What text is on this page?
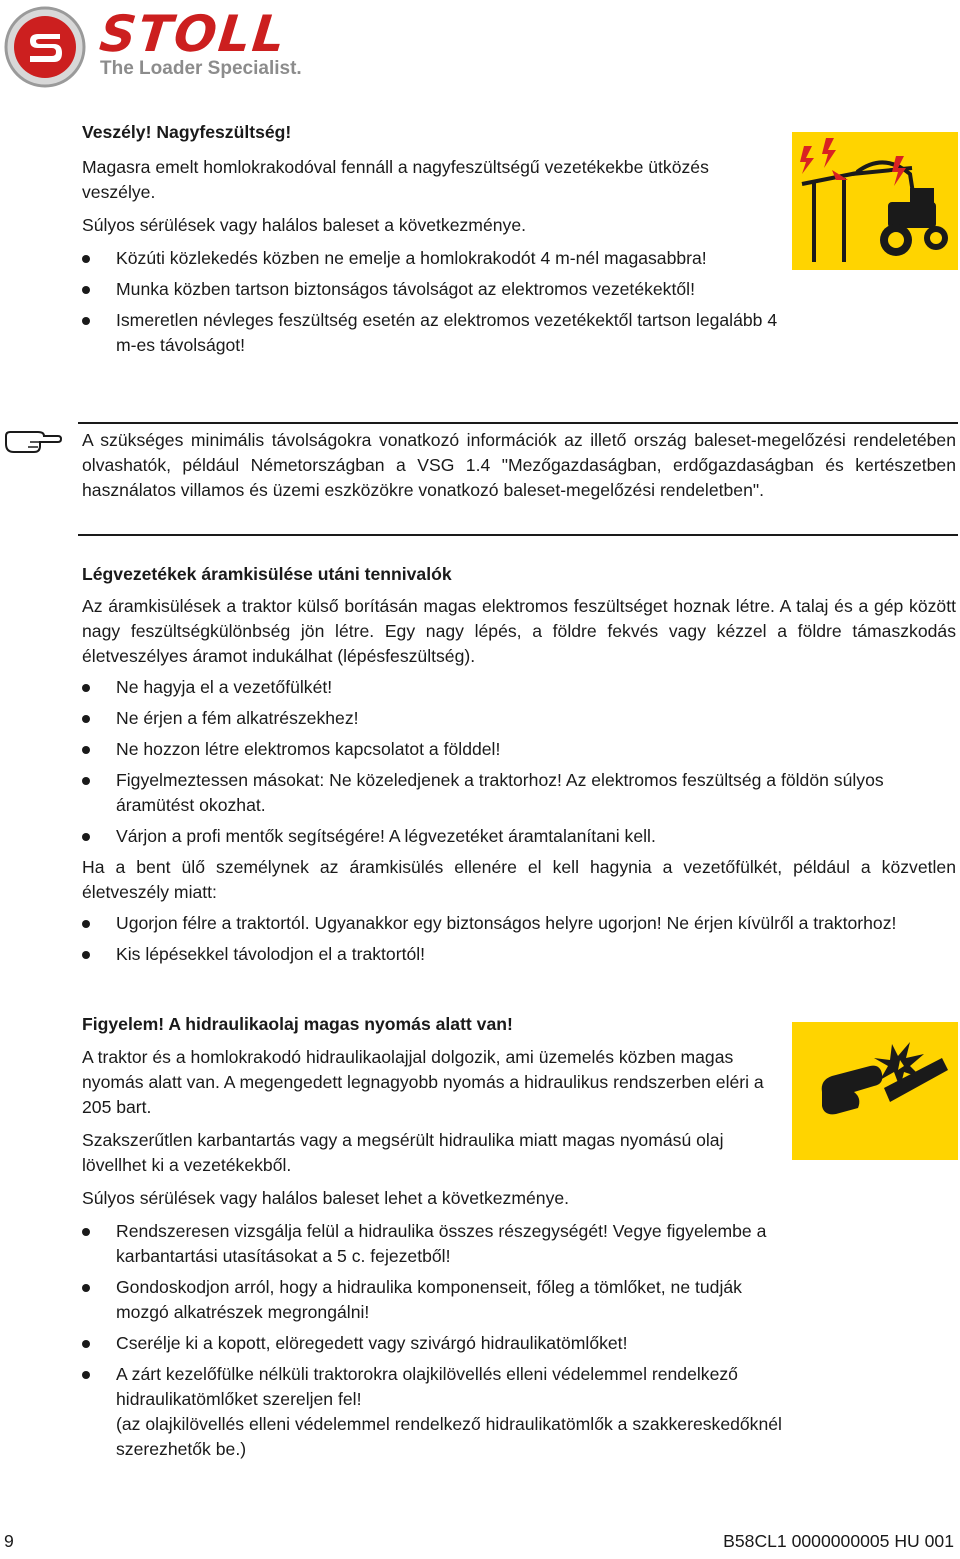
STOLL
The Loader Specialist.

Veszély! Nagyfeszültség!

Magasra emelt homlokrakodóval fennáll a nagyfeszültségű vezetékekbe ütközés veszélye.

Súlyos sérülések vagy halálos baleset a következménye.

Közúti közlekedés közben ne emelje a homlokrakodót 4 m-nél magasabbra!
Munka közben tartson biztonságos távolságot az elektromos vezetékektől!
Ismeretlen névleges feszültség esetén az elektromos vezetékektől tartson legalább 4 m-es távolságot!

A szükséges minimális távolságokra vonatkozó információk az illető ország baleset-megelőzési rendeletében olvashatók, például Németországban a VSG 1.4 "Mezőgazdaságban, erdőgazdaságban és kertészetben használatos villamos és üzemi eszközökre vonatkozó baleset-megelőzési rendeletben".

Légvezetékek áramkisülése utáni tennivalók

Az áramkisülések a traktor külső borításán magas elektromos feszültséget hoznak létre. A talaj és a gép között nagy feszültségkülönbség jön létre. Egy nagy lépés, a földre fekvés vagy kézzel a földre támaszkodás életveszélyes áramot indukálhat (lépésfeszültség).

Ne hagyja el a vezetőfülkét!
Ne érjen a fém alkatrészekhez!
Ne hozzon létre elektromos kapcsolatot a földdel!
Figyelmeztessen másokat: Ne közeledjenek a traktorhoz! Az elektromos feszültség a földön súlyos áramütést okozhat.
Várjon a profi mentők segítségére! A légvezetéket áramtalanítani kell.

Ha a bent ülő személynek az áramkisülés ellenére el kell hagynia a vezetőfülkét, például a közvetlen életveszély miatt:

Ugorjon félre a traktortól. Ugyanakkor egy biztonságos helyre ugorjon! Ne érjen kívülről a traktorhoz!
Kis lépésekkel távolodjon el a traktortól!

Figyelem! A hidraulikaolaj magas nyomás alatt van!

A traktor és a homlokrakodó hidraulikaolajjal dolgozik, ami üzemelés közben magas nyomás alatt van. A megengedett legnagyobb nyomás a hidraulikus rendszerben eléri a 205 bart.

Szakszerűtlen karbantartás vagy a megsérült hidraulika miatt magas nyomású olaj lövellhet ki a vezetékekből.

Súlyos sérülések vagy halálos baleset lehet a következménye.

Rendszeresen vizsgálja felül a hidraulika összes részegységét! Vegye figyelembe a karbantartási utasításokat a 5 c. fejezetből!
Gondoskodjon arról, hogy a hidraulika komponenseit, főleg a tömlőket, ne tudják mozgó alkatrészek megrongálni!
Cserélje ki a kopott, elöregedett vagy szivárgó hidraulikatömlőket!
A zárt kezelőfülke nélküli traktorokra olajkilövellés elleni védelemmel rendelkező hidraulikatömlőket szereljen fel!
(az olajkilövellés elleni védelemmel rendelkező hidraulikatömlők a szakkereskedőknél szerezhetők be.)
9	B58CL1 0000000005 HU 001
